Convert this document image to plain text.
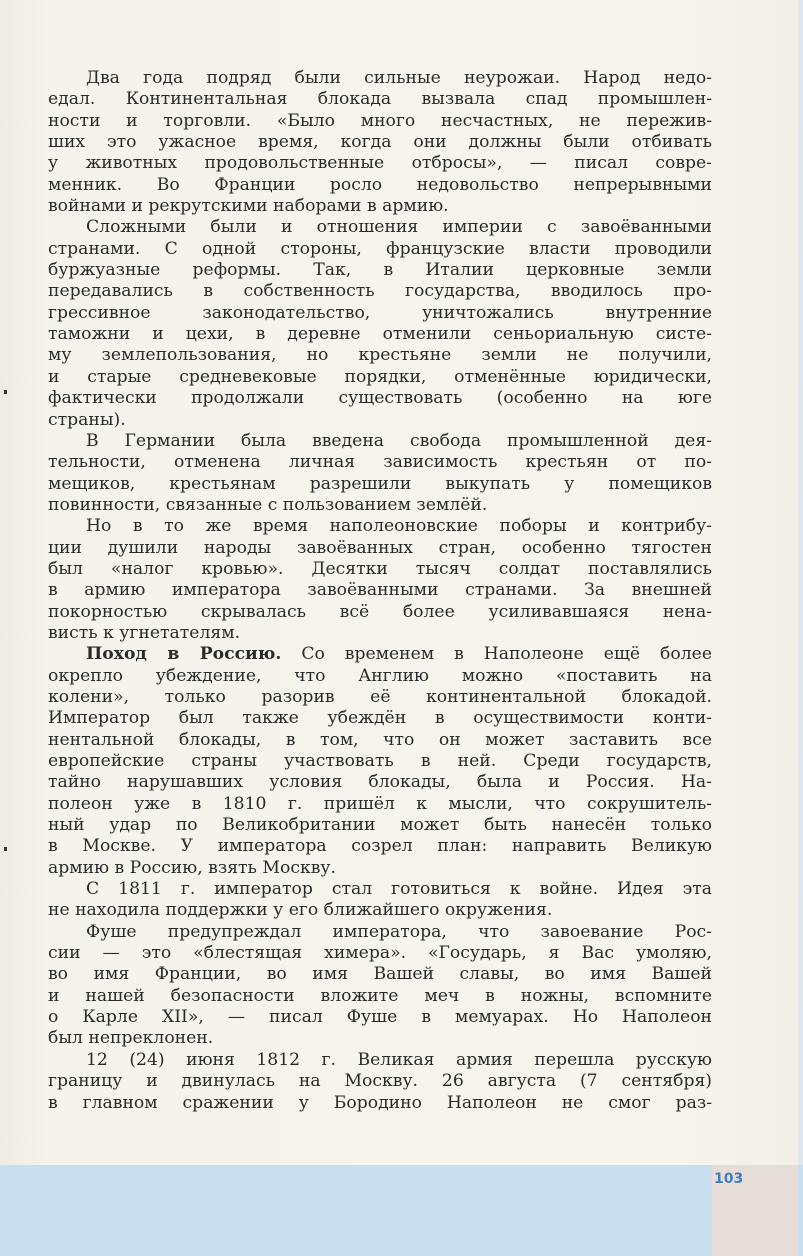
Два года подряд были сильные неурожаи. Народ недо-
едал. Континентальная блокада вызвала спад промышлен-
ности и торговли. «Было много несчастных, не пережив-
ших это ужасное время, когда они должны были отбивать
у животных продовольственные отбросы», — писал совре-
менник. Во Франции росло недовольство непрерывными
войнами и рекрутскими наборами в армию.

Сложными были и отношения империи с завоёванными
странами. С одной стороны, французские власти проводили
буржуазные реформы. Так, в Италии церковные земли
передавались в собственность государства, вводилось про-
грессивное законодательство, уничтожались внутренние
таможни и цехи, в деревне отменили сеньориальную систе-
му землепользования, но крестьяне земли не получили,
и старые средневековые порядки, отменённые юридически,
фактически продолжали существовать (особенно на юге
страны).

В Германии была введена свобода промышленной дея-
тельности, отменена личная зависимость крестьян от по-
мещиков, крестьянам разрешили выкупать у помещиков
повинности, связанные с пользованием землёй.

Но в то же время наполеоновские поборы и контрибу-
ции душили народы завоёванных стран, особенно тягостен
был «налог кровью». Десятки тысяч солдат поставлялись
в армию императора завоёванными странами. За внешней
покорностью скрывалась всё более усиливавшаяся нена-
висть к угнетателям.

Поход в Россию. Со временем в Наполеоне ещё более
окрепло убеждение, что Англию можно «поставить на
колени», только разорив её континентальной блокадой.
Император был также убеждён в осуществимости конти-
нентальной блокады, в том, что он может заставить все
европейские страны участвовать в ней. Среди государств,
тайно нарушавших условия блокады, была и Россия. На-
полеон уже в 1810 г. пришёл к мысли, что сокрушитель-
ный удар по Великобритании может быть нанесён только
в Москве. У императора созрел план: направить Великую
армию в Россию, взять Москву.

С 1811 г. император стал готовиться к войне. Идея эта
не находила поддержки у его ближайшего окружения.

Фуше предупреждал императора, что завоевание Рос-
сии — это «блестящая химера». «Государь, я Вас умоляю,
во имя Франции, во имя Вашей славы, во имя Вашей
и нашей безопасности вложите меч в ножны, вспомните
о Карле XII», — писал Фуше в мемуарах. Но Наполеон
был непреклонен.

12 (24) июня 1812 г. Великая армия перешла русскую
границу и двинулась на Москву. 26 августа (7 сентября)
в главном сражении у Бородино Наполеон не смог раз-

103
